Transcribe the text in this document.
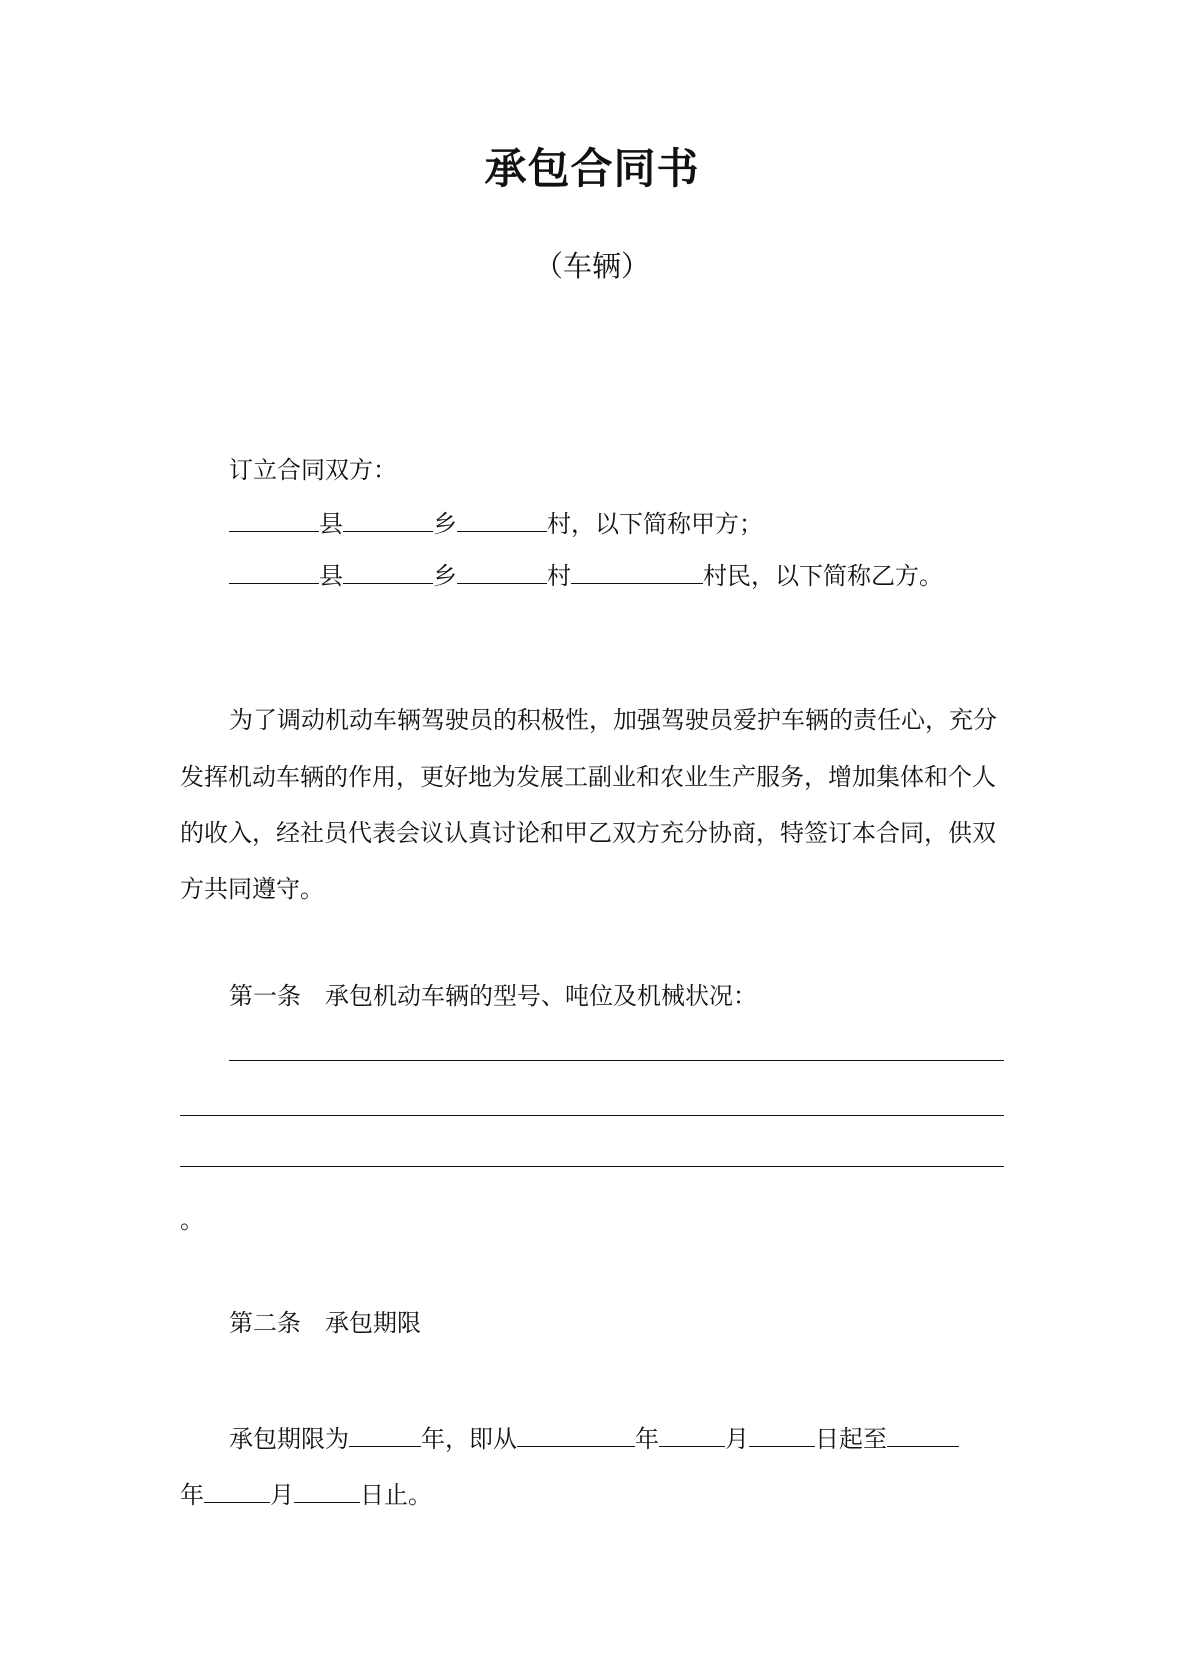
承包合同书
（车辆）
订立合同双方：
县	乡	村，以下简称甲方；
县	乡	村	村民，以下简称乙方。
为了调动机动车辆驾驶员的积极性，加强驾驶员爱护车辆的责任心，充分
发挥机动车辆的作用，更好地为发展工副业和农业生产服务，增加集体和个人
的收入，经社员代表会议认真讨论和甲乙双方充分协商，特签订本合同，供双
方共同遵守。
第一条 承包机动车辆的型号、吨位及机械状况：
。
第二条 承包期限
承包期限为	年，即从	年	月	日起至
年	月	日止。
